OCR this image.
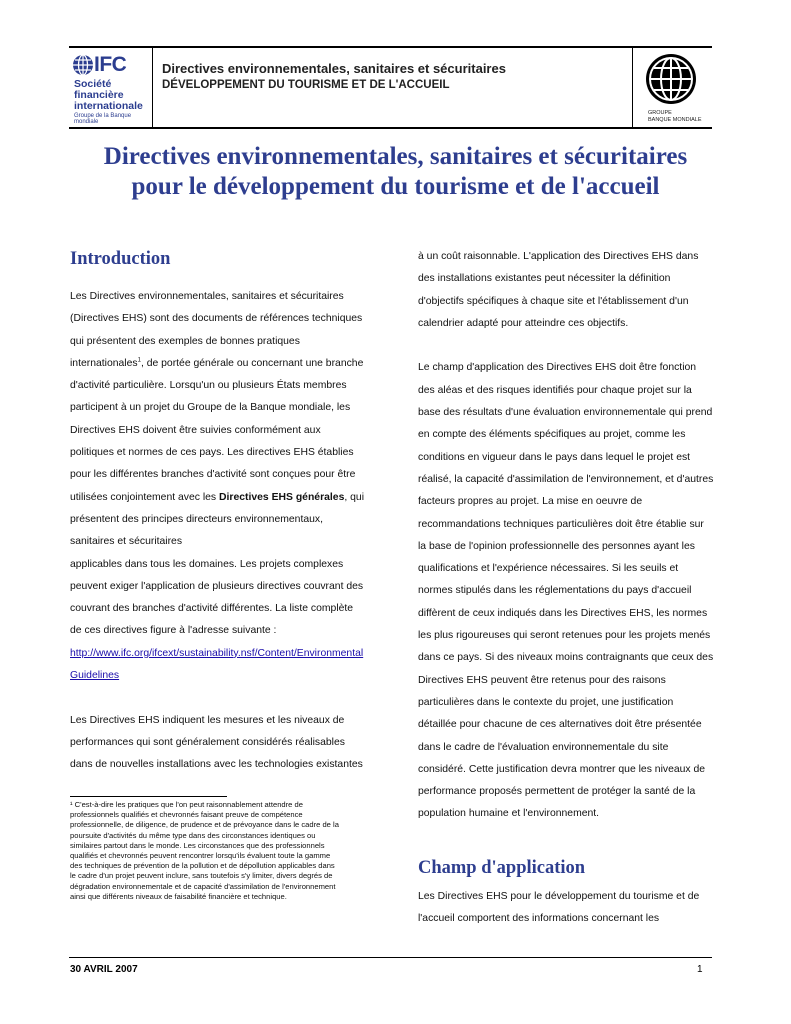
IFC
Société
financière
internationale
Groupe de la Banque mondiale
Directives environnementales, sanitaires et sécuritaires
DÉVELOPPEMENT DU TOURISME ET DE L'ACCUEIL
GROUPE
BANQUE MONDIALE
Directives environnementales, sanitaires et sécuritaires
pour le développement du tourisme et de l'accueil
Introduction
Les Directives environnementales, sanitaires et sécuritaires
(Directives EHS) sont des documents de références techniques
qui présentent des exemples de bonnes pratiques
internationales$^1$, de portée générale ou concernant une branche
d'activité particulière. Lorsqu'un ou plusieurs États membres
participent à un projet du Groupe de la Banque mondiale, les
Directives EHS doivent être suivies conformément aux
politiques et normes de ces pays. Les directives EHS établies
pour les différentes branches d'activité sont conçues pour être
utilisées conjointement avec les Directives EHS générales, qui
présentent des principes directeurs environnementaux,
sanitaires et sécuritaires
applicables dans tous les domaines. Les projets complexes
peuvent exiger l'application de plusieurs directives couvrant des
couvrant des branches d'activité différentes. La liste complète
de ces directives figure à l'adresse suivante :
http://www.ifc.org/ifcext/sustainability.nsf/Content/Environmental
Guidelines
Les Directives EHS indiquent les mesures et les niveaux de
performances qui sont généralement considérés réalisables
dans de nouvelles installations avec les technologies existantes
¹ C'est-à-dire les pratiques que l'on peut raisonnablement attendre de
professionnels qualifiés et chevronnés faisant preuve de compétence
professionnelle, de diligence, de prudence et de prévoyance dans le cadre de la
poursuite d'activités du même type dans des circonstances identiques ou
similaires partout dans le monde. Les circonstances que des professionnels
qualifiés et chevronnés peuvent rencontrer lorsqu'ils évaluent toute la gamme
des techniques de prévention de la pollution et de dépollution applicables dans
le cadre d'un projet peuvent inclure, sans toutefois s'y limiter, divers degrés de
dégradation environnementale et de capacité d'assimilation de l'environnement
ainsi que différents niveaux de faisabilité financière et technique.
à un coût raisonnable. L'application des Directives EHS dans
des installations existantes peut nécessiter la définition
d'objectifs spécifiques à chaque site et l'établissement d'un
calendrier adapté pour atteindre ces objectifs.
Le champ d'application des Directives EHS doit être fonction
des aléas et des risques identifiés pour chaque projet sur la
base des résultats d'une évaluation environnementale qui prend
en compte des éléments spécifiques au projet, comme les
conditions en vigueur dans le pays dans lequel le projet est
réalisé, la capacité d'assimilation de l'environnement, et d'autres
facteurs propres au projet. La mise en oeuvre de
recommandations techniques particulières doit être établie sur
la base de l'opinion professionnelle des personnes ayant les
qualifications et l'expérience nécessaires. Si les seuils et
normes stipulés dans les réglementations du pays d'accueil
diffèrent de ceux indiqués dans les Directives EHS, les normes
les plus rigoureuses qui seront retenues pour les projets menés
dans ce pays. Si des niveaux moins contraignants que ceux des
Directives EHS peuvent être retenus pour des raisons
particulières dans le contexte du projet, une justification
détaillée pour chacune de ces alternatives doit être présentée
dans le cadre de l'évaluation environnementale du site
considéré. Cette justification devra montrer que les niveaux de
performance proposés permettent de protéger la santé de la
population humaine et l'environnement.
Champ d'application
Les Directives EHS pour le développement du tourisme et de
l'accueil comportent des informations concernant les
30 AVRIL 2007	1
